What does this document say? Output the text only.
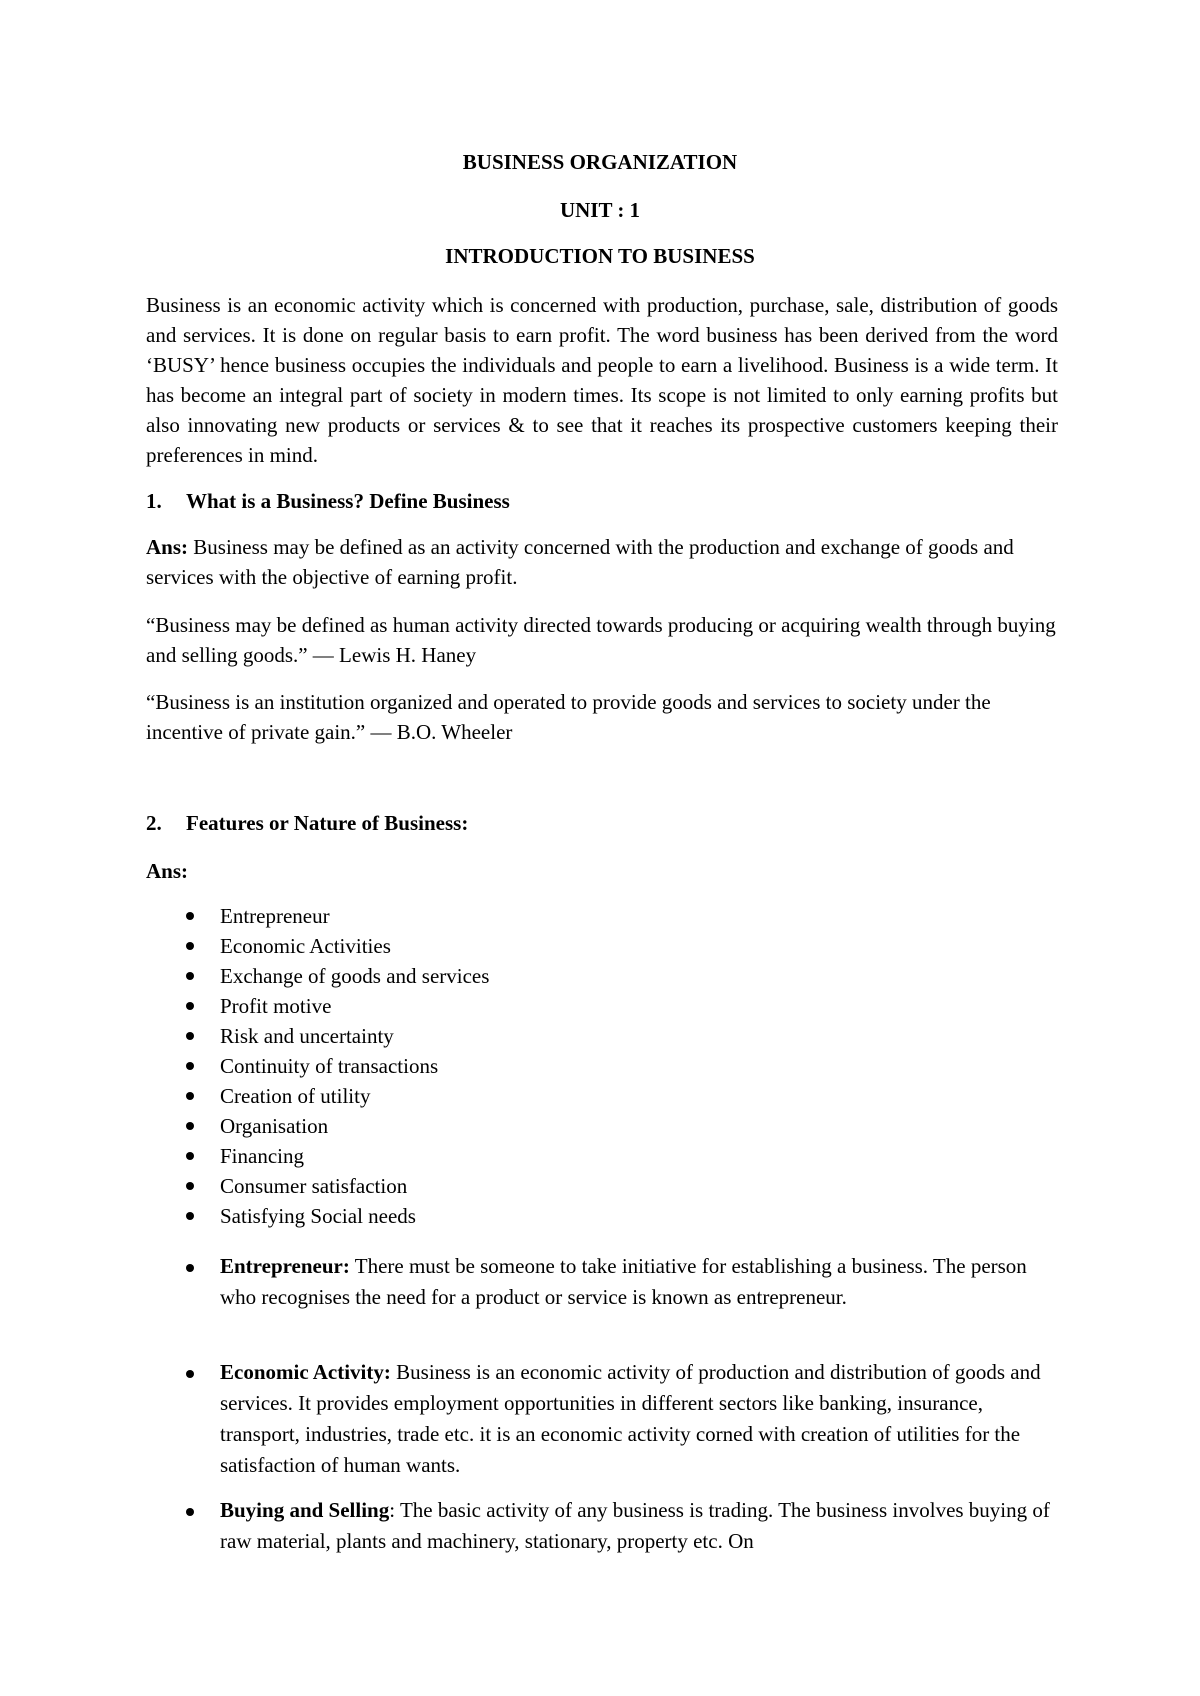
BUSINESS ORGANIZATION
UNIT : 1
INTRODUCTION TO BUSINESS

Business is an economic activity which is concerned with production, purchase, sale, distribution of goods and services. It is done on regular basis to earn profit. The word business has been derived from the word ‘BUSY’ hence business occupies the individuals and people to earn a livelihood. Business is a wide term. It has become an integral part of society in modern times. Its scope is not limited to only earning profits but also innovating new products or services & to see that it reaches its prospective customers keeping their preferences in mind.

1. What is a Business? Define Business

Ans: Business may be defined as an activity concerned with the production and exchange of goods and services with the objective of earning profit.

“Business may be defined as human activity directed towards producing or acquiring wealth through buying and selling goods.” — Lewis H. Haney

“Business is an institution organized and operated to provide goods and services to society under the incentive of private gain.” — B.O. Wheeler

2. Features or Nature of Business:
Ans:
Entrepreneur
Economic Activities
Exchange of goods and services
Profit motive
Risk and uncertainty
Continuity of transactions
Creation of utility
Organisation
Financing
Consumer satisfaction
Satisfying Social needs
Entrepreneur: There must be someone to take initiative for establishing a business. The person who recognises the need for a product or service is known as entrepreneur.
Economic Activity: Business is an economic activity of production and distribution of goods and services. It provides employment opportunities in different sectors like banking, insurance, transport, industries, trade etc. it is an economic activity corned with creation of utilities for the satisfaction of human wants.
Buying and Selling: The basic activity of any business is trading. The business involves buying of raw material, plants and machinery, stationary, property etc. On
